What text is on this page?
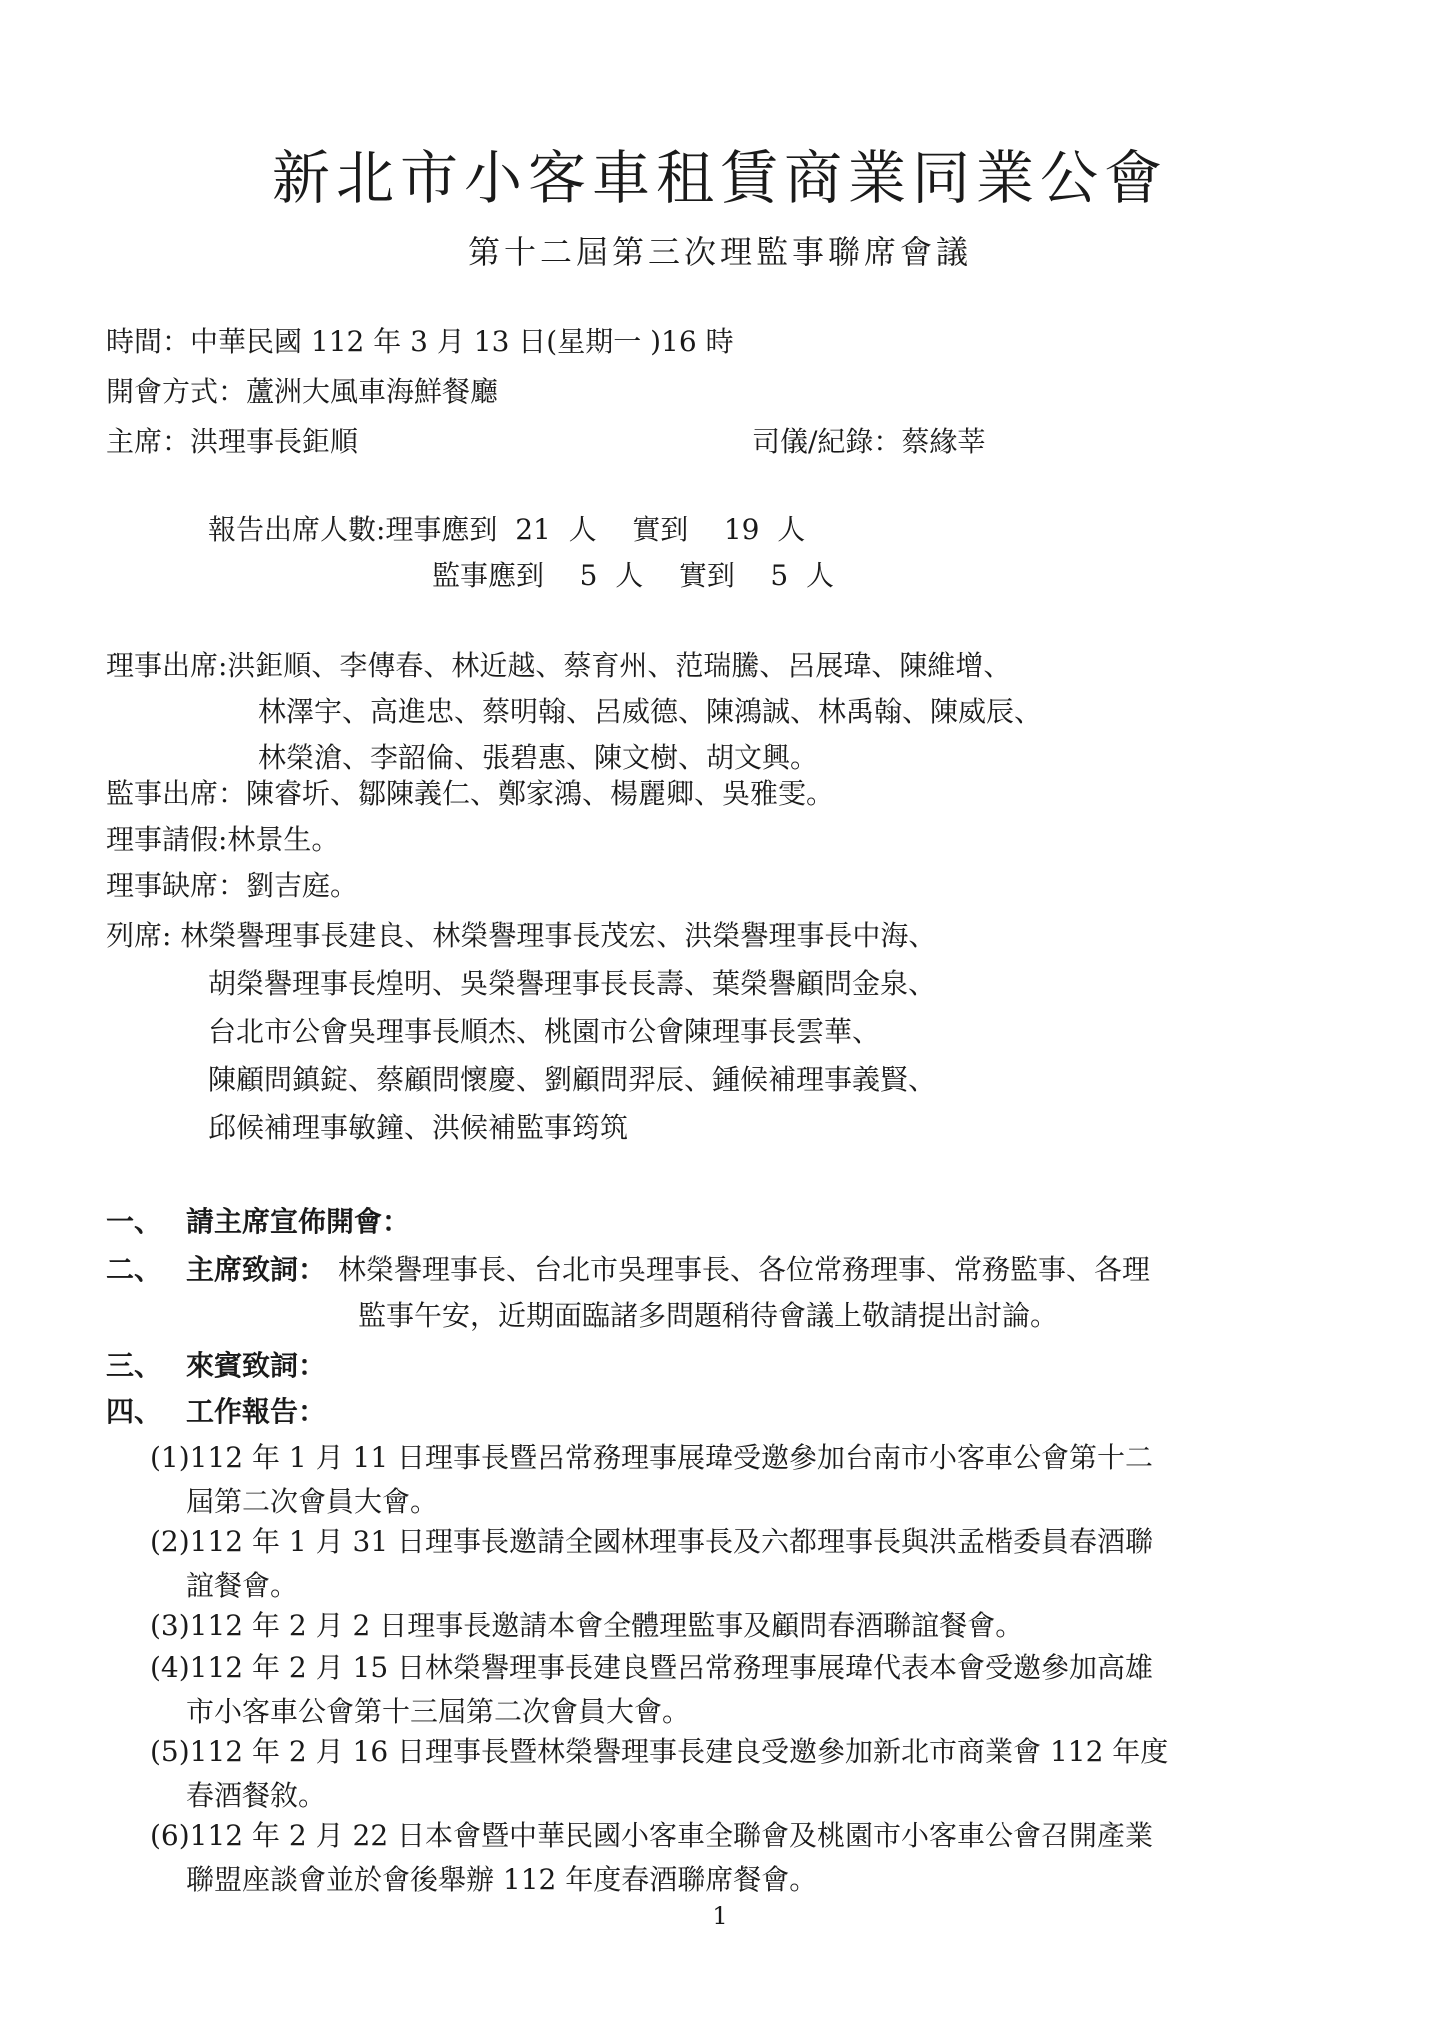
新北市小客車租賃商業同業公會
第十二屆第三次理監事聯席會議
時間：中華民國 112 年 3 月 13 日(星期一 )16 時
開會方式：蘆洲大風車海鮮餐廳
主席：洪理事長鉅順	司儀/紀錄：蔡緣莘
報告出席人數:理事應到  21  人    實到    19  人
監事應到    5  人    實到    5  人
理事出席:洪鉅順、李傳春、林近越、蔡育州、范瑞騰、呂展瑋、陳維增、
林澤宇、高進忠、蔡明翰、呂威德、陳鴻誠、林禹翰、陳威辰、
林榮滄、李韶倫、張碧惠、陳文樹、胡文興。
監事出席：陳睿圻、鄒陳義仁、鄭家鴻、楊麗卿、吳雅雯。
理事請假:林景生。
理事缺席：劉吉庭。
列席: 林榮譽理事長建良、林榮譽理事長茂宏、洪榮譽理事長中海、
胡榮譽理事長煌明、吳榮譽理事長長壽、葉榮譽顧問金泉、
台北市公會吳理事長順杰、桃園市公會陳理事長雲華、
陳顧問鎮錠、蔡顧問懷慶、劉顧問羿辰、鍾候補理事義賢、
邱候補理事敏鐘、洪候補監事筠筑
一、 請主席宣佈開會：
二、 主席致詞： 林榮譽理事長、台北市吳理事長、各位常務理事、常務監事、各理
監事午安，近期面臨諸多問題稍待會議上敬請提出討論。
三、 來賓致詞：
四、 工作報告：
(1)112 年 1 月 11 日理事長暨呂常務理事展瑋受邀參加台南市小客車公會第十二
屆第二次會員大會。
(2)112 年 1 月 31 日理事長邀請全國林理事長及六都理事長與洪孟楷委員春酒聯
誼餐會。
(3)112 年 2 月 2 日理事長邀請本會全體理監事及顧問春酒聯誼餐會。
(4)112 年 2 月 15 日林榮譽理事長建良暨呂常務理事展瑋代表本會受邀參加高雄
市小客車公會第十三屆第二次會員大會。
(5)112 年 2 月 16 日理事長暨林榮譽理事長建良受邀參加新北市商業會 112 年度
春酒餐敘。
(6)112 年 2 月 22 日本會暨中華民國小客車全聯會及桃園市小客車公會召開產業
聯盟座談會並於會後舉辦 112 年度春酒聯席餐會。
1
